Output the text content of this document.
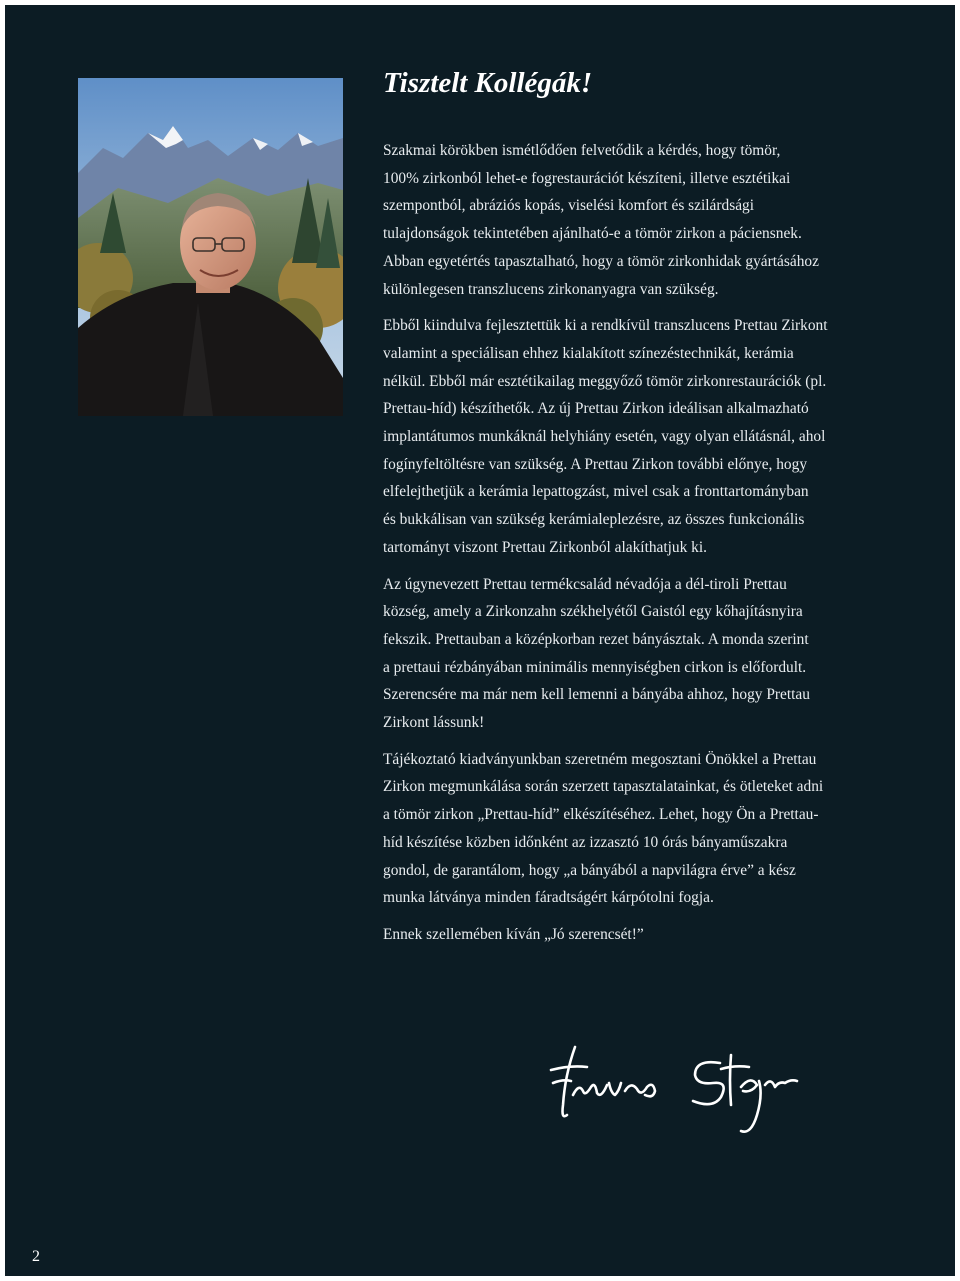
Tisztelt Kollégák!

Szakmai körökben ismétlődően felvetődik a kérdés, hogy tömör,
100% zirkonból lehet-e fogrestaurációt készíteni, illetve esztétikai
szempontból, abráziós kopás, viselési komfort és szilárdsági
tulajdonságok tekintetében ajánlható-e a tömör zirkon a páciensnek.
Abban egyetértés tapasztalható, hogy a tömör zirkonhidak gyártásához
különlegesen transzlucens zirkonanyagra van szükség.

Ebből kiindulva fejlesztettük ki a rendkívül transzlucens Prettau Zirkont
valamint a speciálisan ehhez kialakított színezéstechnikát, kerámia
nélkül. Ebből már esztétikailag meggyőző tömör zirkonrestaurációk (pl.
Prettau-híd) készíthetők. Az új Prettau Zirkon ideálisan alkalmazható
implantátumos munkáknál helyhiány esetén, vagy olyan ellátásnál, ahol
fogínyfeltöltésre van szükség. A Prettau Zirkon további előnye, hogy
elfelejthetjük a kerámia lepattogzást, mivel csak a fronttartományban
és bukkálisan van szükség kerámialeplezésre, az összes funkcionális
tartományt viszont Prettau Zirkonból alakíthatjuk ki.

Az úgynevezett Prettau termékcsalád névadója a dél-tiroli Prettau
község, amely a Zirkonzahn székhelyétől Gaistól egy kőhajításnyira
fekszik. Prettauban a középkorban rezet bányásztak. A monda szerint
a prettaui rézbányában minimális mennyiségben cirkon is előfordult.
Szerencsére ma már nem kell lemenni a bányába ahhoz, hogy Prettau
Zirkont lássunk!

Tájékoztató kiadványunkban szeretném megosztani Önökkel a Prettau
Zirkon megmunkálása során szerzett tapasztalatainkat, és ötleteket adni
a tömör zirkon „Prettau-híd” elkészítéséhez. Lehet, hogy Ön a Prettau-
híd készítése közben időnként az izzasztó 10 órás bányaműszakra
gondol, de garantálom, hogy „a bányából a napvilágra érve” a kész
munka látványa minden fáradtságért kárpótolni fogja.

Ennek szellemében kíván „Jó szerencsét!”

2
